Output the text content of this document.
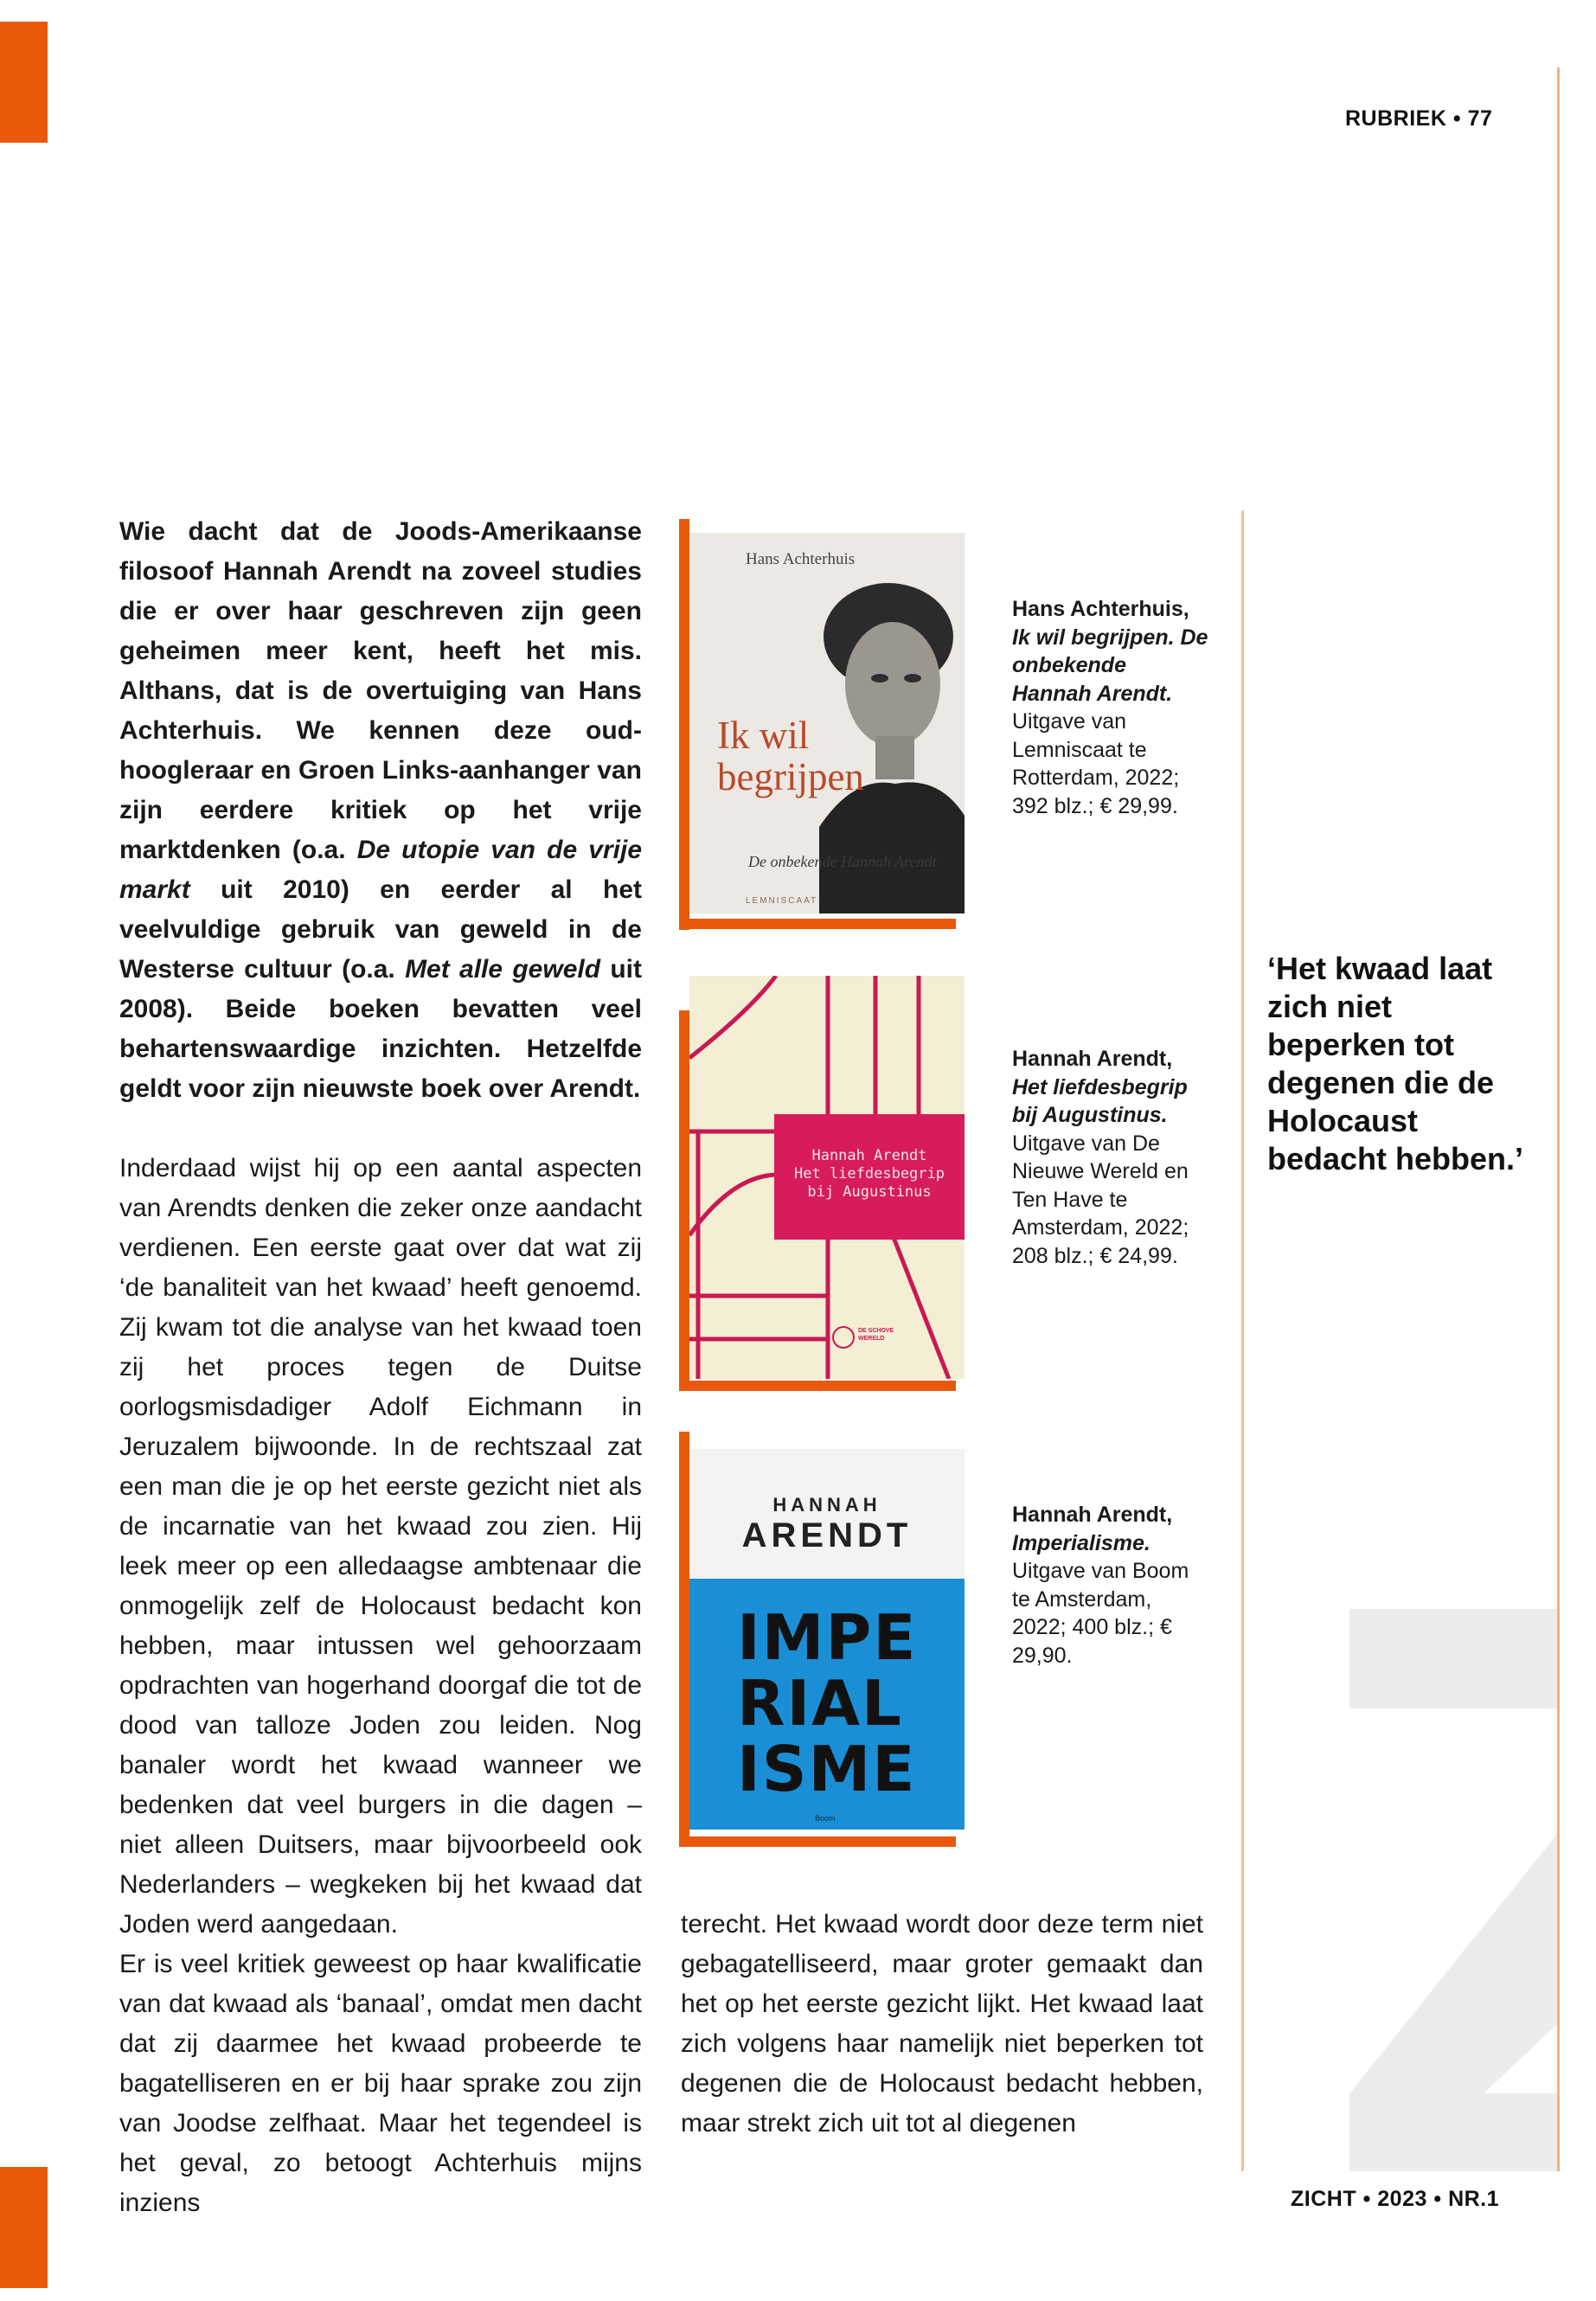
RUBRIEK • 77
ZICHT • 2023 • NR.1

Wie dacht dat de Joods-Amerikaanse filosoof Hannah Arendt na zoveel studies die er over haar geschreven zijn geen geheimen meer kent, heeft het mis. Althans, dat is de overtuiging van Hans Achterhuis. We kennen deze oud-hoogleraar en Groen Links-aanhanger van zijn eerdere kritiek op het vrije marktdenken (o.a. De utopie van de vrije markt uit 2010) en eerder al het veelvuldige gebruik van geweld in de Westerse cultuur (o.a. Met alle geweld uit 2008). Beide boeken bevatten veel behartenswaardige inzichten. Hetzelfde geldt voor zijn nieuwste boek over Arendt.

Inderdaad wijst hij op een aantal aspecten van Arendts denken die zeker onze aandacht verdienen. Een eerste gaat over dat wat zij ‘de banaliteit van het kwaad’ heeft genoemd. Zij kwam tot die analyse van het kwaad toen zij het proces tegen de Duitse oorlogsmisdadiger Adolf Eichmann in Jeruzalem bijwoonde. In de rechtszaal zat een man die je op het eerste gezicht niet als de incarnatie van het kwaad zou zien. Hij leek meer op een alledaagse ambtenaar die onmogelijk zelf de Holocaust bedacht kon hebben, maar intussen wel gehoorzaam opdrachten van hogerhand doorgaf die tot de dood van talloze Joden zou leiden. Nog banaler wordt het kwaad wanneer we bedenken dat veel burgers in die dagen – niet alleen Duitsers, maar bijvoorbeeld ook Nederlanders – wegkeken bij het kwaad dat Joden werd aangedaan.

Er is veel kritiek geweest op haar kwalificatie van dat kwaad als ‘banaal’, omdat men dacht dat zij daarmee het kwaad probeerde te bagatelliseren en er bij haar sprake zou zijn van Joodse zelfhaat. Maar het tegendeel is het geval, zo betoogt Achterhuis mijns inziens

terecht. Het kwaad wordt door deze term niet gebagatelliseerd, maar groter gemaakt dan het op het eerste gezicht lijkt. Het kwaad laat zich volgens haar namelijk niet beperken tot degenen die de Holocaust bedacht hebben, maar strekt zich uit tot al diegenen

Hans Achterhuis
Ik wil
begrijpen
De onbekende Hannah Arendt
LEMNISCAAT
Hans Achterhuis,
Ik wil begrijpen. De onbekende Hannah Arendt.
Uitgave van Lemniscaat te Rotterdam, 2022; 392 blz.; € 29,99.
Hannah Arendt
Het liefdesbegrip
bij Augustinus
DE SCHOVE
WERELD
Hannah Arendt,
Het liefdesbegrip bij Augustinus.
Uitgave van De Nieuwe Wereld en Ten Have te Amsterdam, 2022; 208 blz.; € 24,99.
HANNAH
ARENDT
IMPE
RIAL
ISME
Boom
Hannah Arendt,
Imperialisme.
Uitgave van Boom te Amsterdam, 2022; 400 blz.; € 29,90.
‘Het kwaad laat zich niet beperken tot degenen die de Holocaust bedacht hebben.’
